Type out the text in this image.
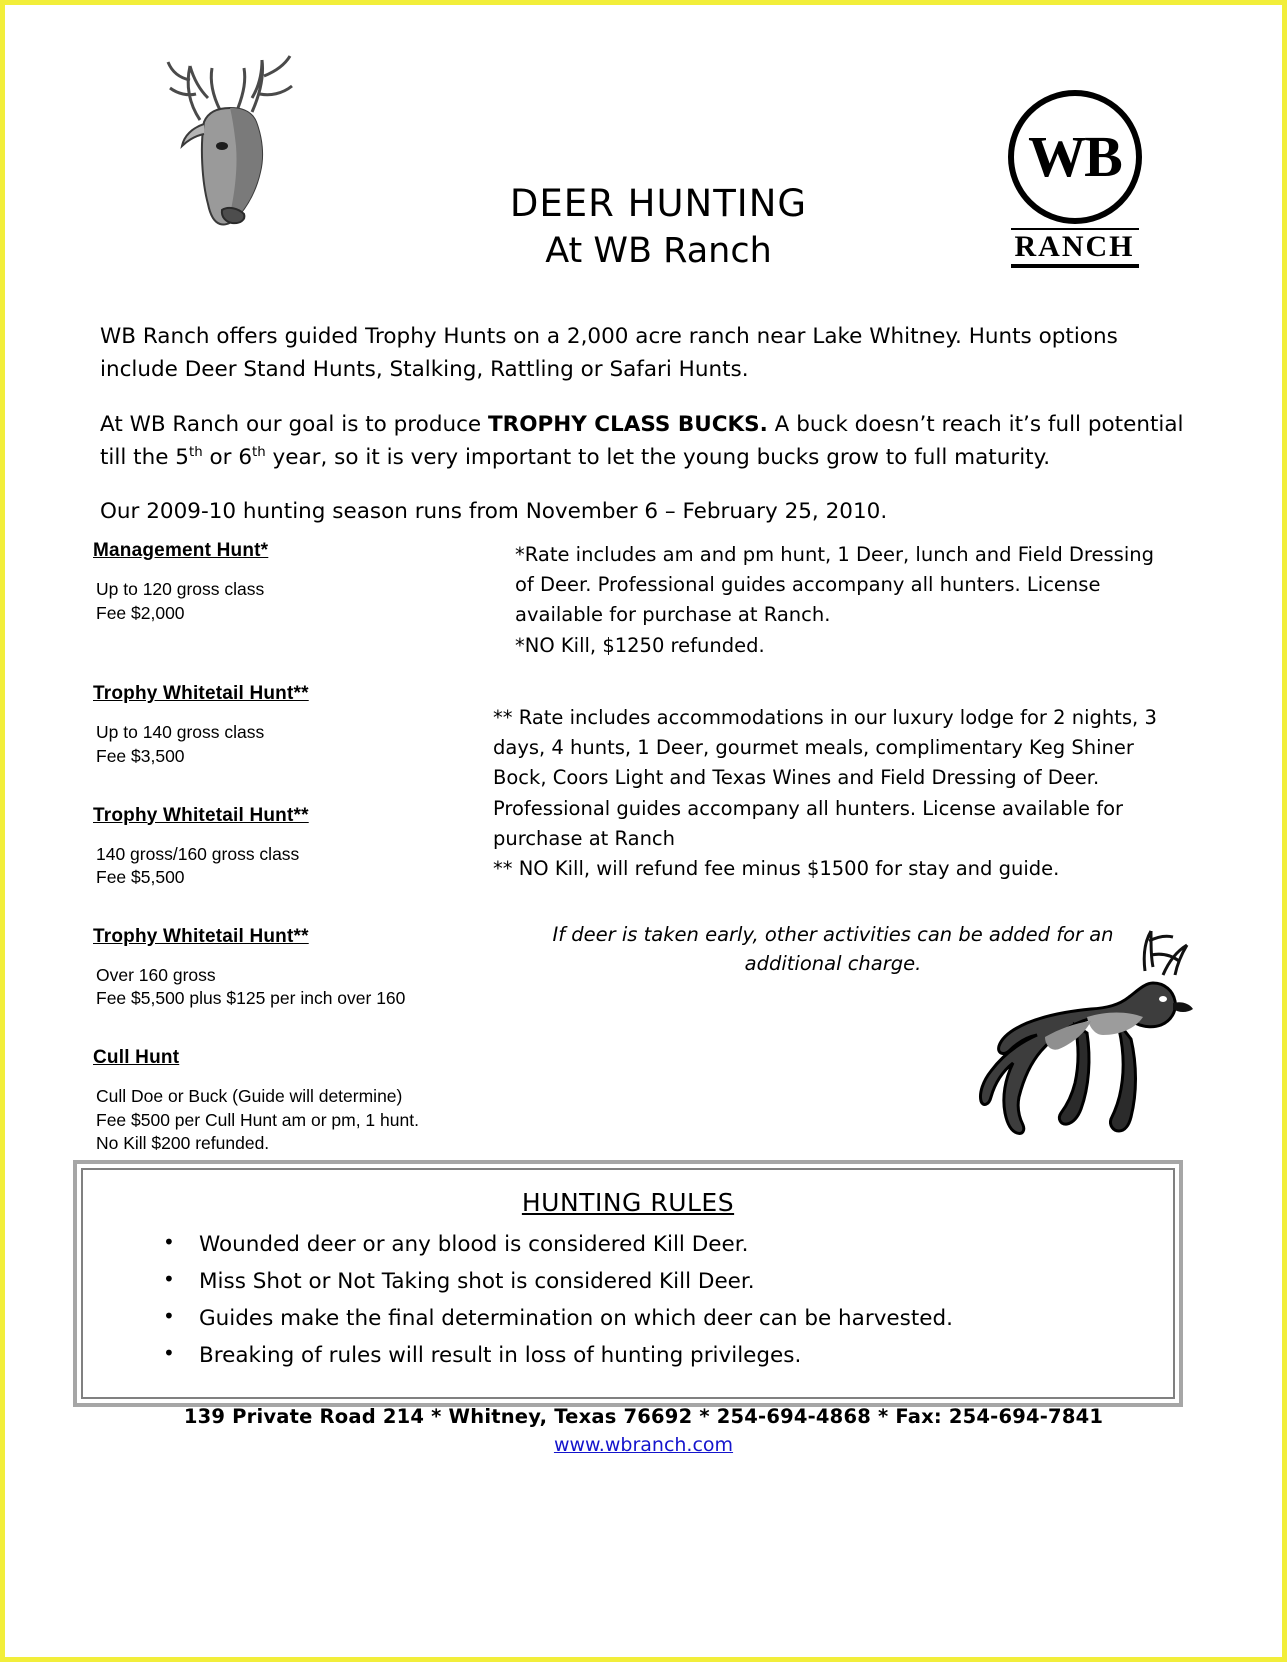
WB
RANCH
DEER HUNTING
At WB Ranch

WB Ranch offers guided Trophy Hunts on a 2,000 acre ranch near Lake Whitney. Hunts options include Deer Stand Hunts, Stalking, Rattling or Safari Hunts.

At WB Ranch our goal is to produce TROPHY CLASS BUCKS. A buck doesn’t reach it’s full potential till the 5th or 6th year, so it is very important to let the young bucks grow to full maturity.

Our 2009-10 hunting season runs from November 6 – February 25, 2010.

Management Hunt*
Up to 120 gross class
Fee $2,000
Trophy Whitetail Hunt**
Up to 140 gross class
Fee $3,500
Trophy Whitetail Hunt**
140 gross/160 gross class
Fee $5,500
Trophy Whitetail Hunt**
Over 160 gross
Fee $5,500 plus $125 per inch over 160
Cull Hunt
Cull Doe or Buck (Guide will determine)
Fee $500 per Cull Hunt am or pm, 1 hunt.
No Kill $200 refunded.

*Rate includes am and pm hunt, 1 Deer, lunch and Field Dressing of Deer. Professional guides accompany all hunters. License available for purchase at Ranch.

*NO Kill, $1250 refunded.

** Rate includes accommodations in our luxury lodge for 2 nights, 3 days, 4 hunts, 1 Deer, gourmet meals, complimentary Keg Shiner Bock, Coors Light and Texas Wines and Field Dressing of Deer. Professional guides accompany all hunters. License available for purchase at Ranch

** NO Kill, will refund fee minus $1500 for stay and guide.

If deer is taken early, other activities can be added for an additional charge.

HUNTING RULES
• Wounded deer or any blood is considered Kill Deer.
• Miss Shot or Not Taking shot is considered Kill Deer.
• Guides make the final determination on which deer can be harvested.
• Breaking of rules will result in loss of hunting privileges.
139 Private Road 214 * Whitney, Texas 76692 * 254-694-4868 * Fax: 254-694-7841
www.wbranch.com
